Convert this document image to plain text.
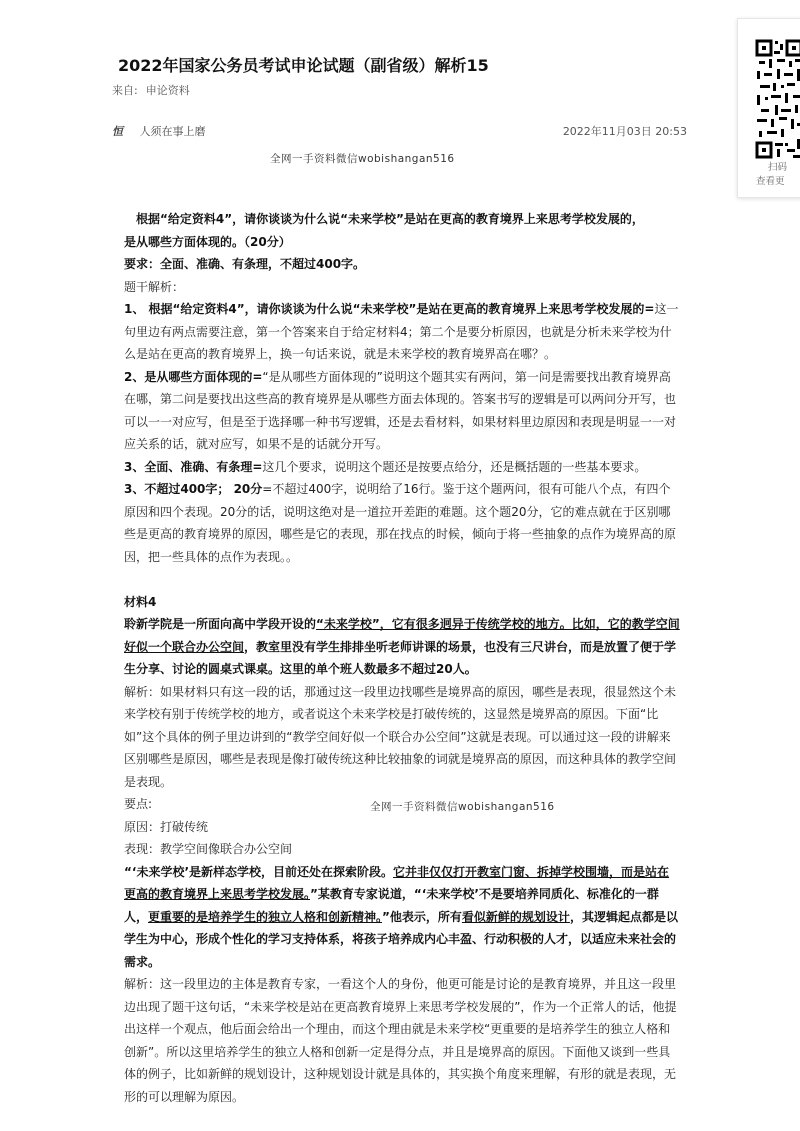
2022年国家公务员考试申论试题（副省级）解析15
来自: 申论资料
恒 人须在事上磨	2022年11月03日 20:53
全网一手资料微信wobishangan516
扫码
查看更

根据“给定资料4”，请你谈谈为什么说“未来学校”是站在更高的教育境界上来思考学校发展的，

是从哪些方面体现的。（20分）

要求：全面、准确、有条理，不超过400字。

题干解析：

1、 根据“给定资料4”，请你谈谈为什么说“未来学校”是站在更高的教育境界上来思考学校发展的=这一句里边有两点需要注意，第一个答案来自于给定材料4；第二个是要分析原因，也就是分析未来学校为什么是站在更高的教育境界上，换一句话来说，就是未来学校的教育境界高在哪？。

2、是从哪些方面体现的=“是从哪些方面体现的”说明这个题其实有两问，第一问是需要找出教育境界高在哪，第二问是要找出这些高的教育境界是从哪些方面去体现的。答案书写的逻辑是可以两问分开写，也可以一一对应写，但是至于选择哪一种书写逻辑，还是去看材料，如果材料里边原因和表现是明显一一对应关系的话，就对应写，如果不是的话就分开写。

3、全面、准确、有条理=这几个要求，说明这个题还是按要点给分，还是概括题的一些基本要求。

3、不超过400字； 20分=不超过400字，说明给了16行。鉴于这个题两问，很有可能八个点，有四个原因和四个表现。20分的话，说明这绝对是一道拉开差距的难题。这个题20分，它的难点就在于区别哪些是更高的教育境界的原因，哪些是它的表现，那在找点的时候，倾向于将一些抽象的点作为境界高的原因，把一些具体的点作为表现。。

材料4

聆新学院是一所面向高中学段开设的“未来学校”，它有很多迥异于传统学校的地方。比如，它的教学空间好似一个联合办公空间，教室里没有学生排排坐听老师讲课的场景，也没有三尺讲台，而是放置了便于学生分享、讨论的圆桌式课桌。这里的单个班人数最多不超过20人。

解析：如果材料只有这一段的话，那通过这一段里边找哪些是境界高的原因，哪些是表现，很显然这个未来学校有别于传统学校的地方，或者说这个未来学校是打破传统的，这显然是境界高的原因。下面“比如”这个具体的例子里边讲到的“教学空间好似一个联合办公空间”这就是表现。可以通过这一段的讲解来区别哪些是原因，哪些是表现是像打破传统这种比较抽象的词就是境界高的原因，而这种具体的教学空间是表现。

要点:

原因：打破传统

表现：教学空间像联合办公空间

“‘未来学校’是新样态学校，目前还处在探索阶段。它并非仅仅打开教室门窗、拆掉学校围墙，而是站在更高的教育境界上来思考学校发展。”某教育专家说道，“‘未来学校’不是要培养同质化、标准化的一群人，更重要的是培养学生的独立人格和创新精神。”他表示，所有看似新鲜的规划设计，其逻辑起点都是以学生为中心，形成个性化的学习支持体系，将孩子培养成内心丰盈、行动积极的人才，以适应未来社会的需求。

解析：这一段里边的主体是教育专家，一看这个人的身份，他更可能是讨论的是教育境界，并且这一段里边出现了题干这句话，“未来学校是站在更高教育境界上来思考学校发展的”，作为一个正常人的话，他提出这样一个观点，他后面会给出一个理由，而这个理由就是未来学校“更重要的是培养学生的独立人格和创新”。所以这里培养学生的独立人格和创新一定是得分点，并且是境界高的原因。下面他又谈到一些具体的例子，比如新鲜的规划设计，这种规划设计就是具体的，其实换个角度来理解，有形的就是表现，无形的可以理解为原因。

全网一手资料微信wobishangan516
